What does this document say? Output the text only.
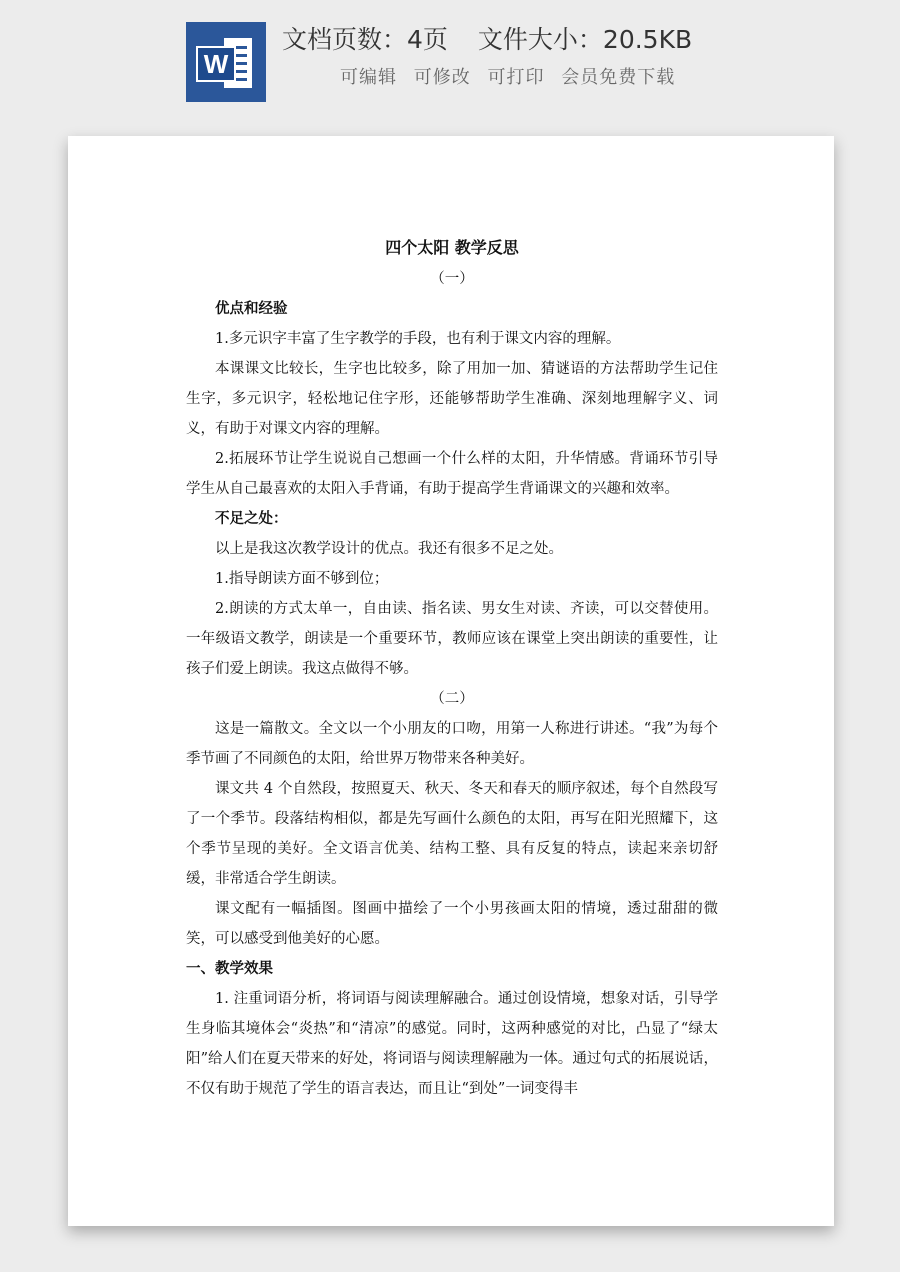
W
文档页数：4页 文件大小：20.5KB
可编辑 可修改 可打印 会员免费下载

四个太阳 教学反思

（一）

优点和经验

1.多元识字丰富了生字教学的手段，也有利于课文内容的理解。

本课课文比较长，生字也比较多，除了用加一加、猜谜语的方法帮助学生记住生字，多元识字，轻松地记住字形，还能够帮助学生准确、深刻地理解字义、词义，有助于对课文内容的理解。

2.拓展环节让学生说说自己想画一个什么样的太阳，升华情感。背诵环节引导学生从自己最喜欢的太阳入手背诵，有助于提高学生背诵课文的兴趣和效率。

不足之处：

以上是我这次教学设计的优点。我还有很多不足之处。

1.指导朗读方面不够到位；

2.朗读的方式太单一，自由读、指名读、男女生对读、齐读，可以交替使用。一年级语文教学，朗读是一个重要环节，教师应该在课堂上突出朗读的重要性，让孩子们爱上朗读。我这点做得不够。

（二）

这是一篇散文。全文以一个小朋友的口吻，用第一人称进行讲述。“我”为每个季节画了不同颜色的太阳，给世界万物带来各种美好。

课文共 4 个自然段，按照夏天、秋天、冬天和春天的顺序叙述，每个自然段写了一个季节。段落结构相似，都是先写画什么颜色的太阳，再写在阳光照耀下，这个季节呈现的美好。全文语言优美、结构工整、具有反复的特点，读起来亲切舒缓，非常适合学生朗读。

课文配有一幅插图。图画中描绘了一个小男孩画太阳的情境，透过甜甜的微笑，可以感受到他美好的心愿。

一、教学效果

1. 注重词语分析，将词语与阅读理解融合。通过创设情境，想象对话，引导学生身临其境体会“炎热”和“清凉”的感觉。同时，这两种感觉的对比，凸显了“绿太阳”给人们在夏天带来的好处，将词语与阅读理解融为一体。通过句式的拓展说话，不仅有助于规范了学生的语言表达，而且让“到处”一词变得丰
